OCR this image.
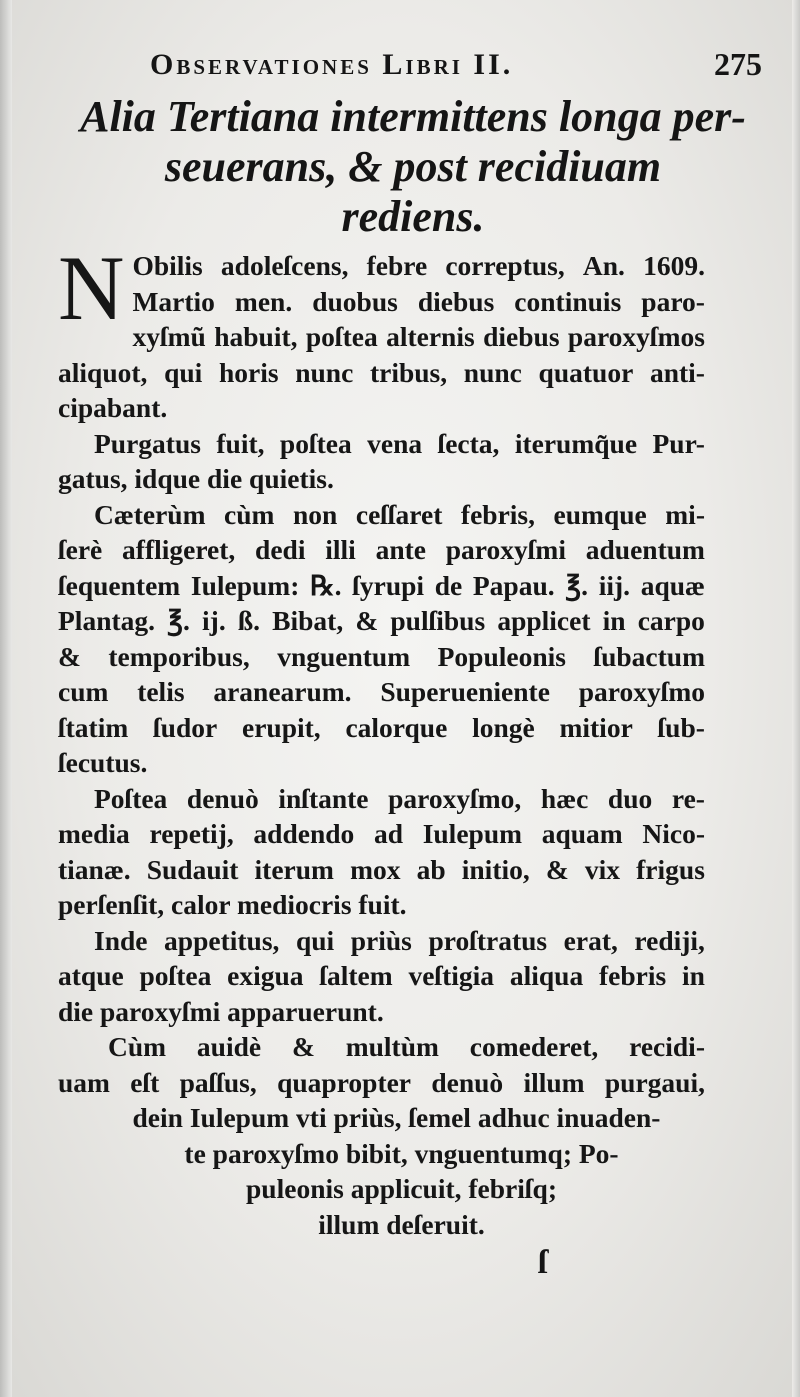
Observationes Libri II.	275
Alia Tertiana intermittens longa per-
seuerans, & post recidiuam
rediens.
N Obilis adoleſcens, febre correptus, An. 1609.
Martio men. duobus diebus continuis paro-
xyſmũ habuit, poſtea alternis diebus paroxyſmos
aliquot, qui horis nunc tribus, nunc quatuor anti-
cipabant.
Purgatus fuit, poſtea vena ſecta, iterumq̃ue Pur-
gatus, idque die quietis.
Cæterùm cùm non ceſſaret febris, eumque mi-
ſerè affligeret, dedi illi ante paroxyſmi aduentum
ſequentem Iulepum: ℞. ſyrupi de Papau. ℥. iij. aquæ
Plantag. ℥. ij. ß. Bibat, & pulſibus applicet in carpo
& temporibus, vnguentum Populeonis ſubactum
cum telis aranearum. Superueniente paroxyſmo
ſtatim ſudor erupit, calorque longè mitior ſub-
ſecutus.
Poſtea denuò inſtante paroxyſmo, hæc duo re-
media repetij, addendo ad Iulepum aquam Nico-
tianæ. Sudauit iterum mox ab initio, & vix frigus
perſenſit, calor mediocris fuit.
Inde appetitus, qui priùs proſtratus erat, rediji,
atque poſtea exigua ſaltem veſtigia aliqua febris in
die paroxyſmi apparuerunt.
Cùm auidè & multùm comederet, recidi-
uam eſt paſſus, quapropter denuò illum purgaui,
dein Iulepum vti priùs, ſemel adhuc inuaden-
te paroxyſmo bibit, vnguentumq; Po-
puleonis applicuit, febriſq;
illum deſeruit.
ſ
